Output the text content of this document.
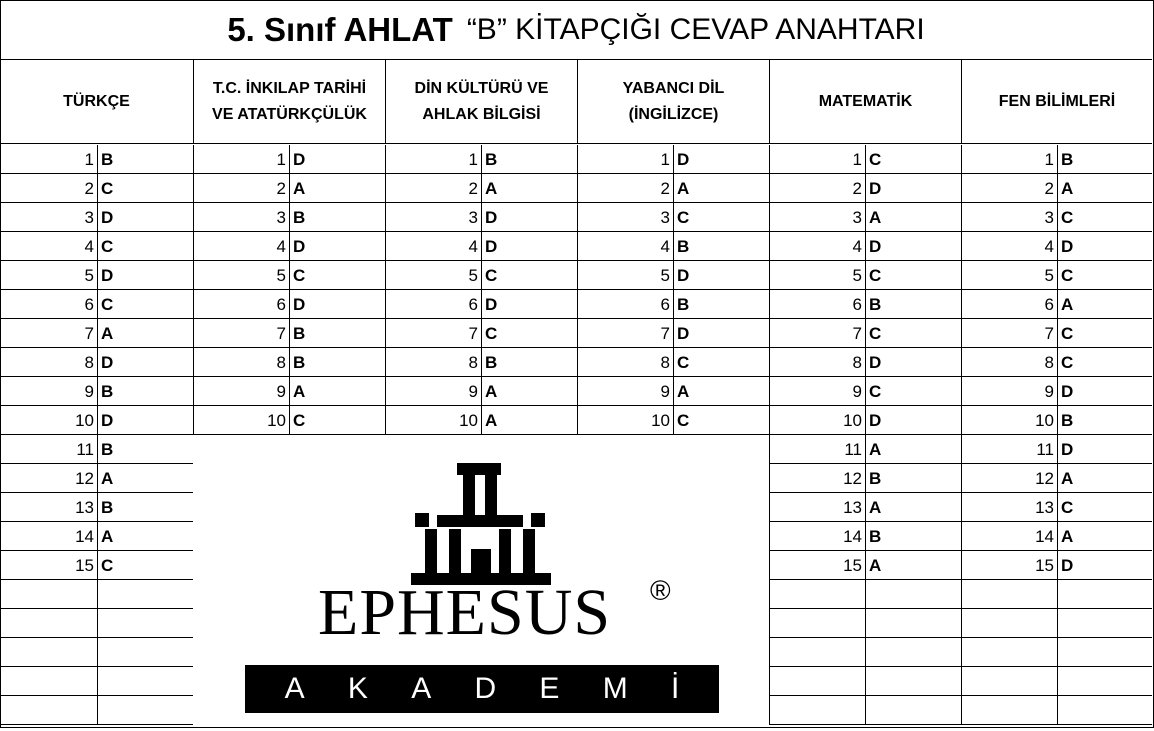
5. Sınıf AHLAT “B” KİTAPÇIĞI CEVAP ANAHTARI
TÜRKÇE
1 B
2 C
3 D
4 C
5 D
6 C
7 A
8 D
9 B
10 D
11 B
12 A
13 B
14 A
15 C
T.C. İNKILAP TARİHİ
VE ATATÜRKÇÜLÜK
1 D
2 A
3 B
4 D
5 C
6 D
7 B
8 B
9 A
10 C
DİN KÜLTÜRÜ VE
AHLAK BİLGİSİ
1 B
2 A
3 D
4 D
5 C
6 D
7 C
8 B
9 A
10 A
YABANCI DİL
(İNGİLİZCE)
1 D
2 A
3 C
4 B
5 D
6 B
7 D
8 C
9 A
10 C
MATEMATİK
1 C
2 D
3 A
4 D
5 C
6 B
7 C
8 D
9 C
10 D
11 A
12 B
13 A
14 B
15 A
FEN BİLİMLERİ
1 B
2 A
3 C
4 D
5 C
6 A
7 C
8 C
9 D
10 B
11 D
12 A
13 C
14 A
15 D
EPHESUS ®
A K A D E M İ
